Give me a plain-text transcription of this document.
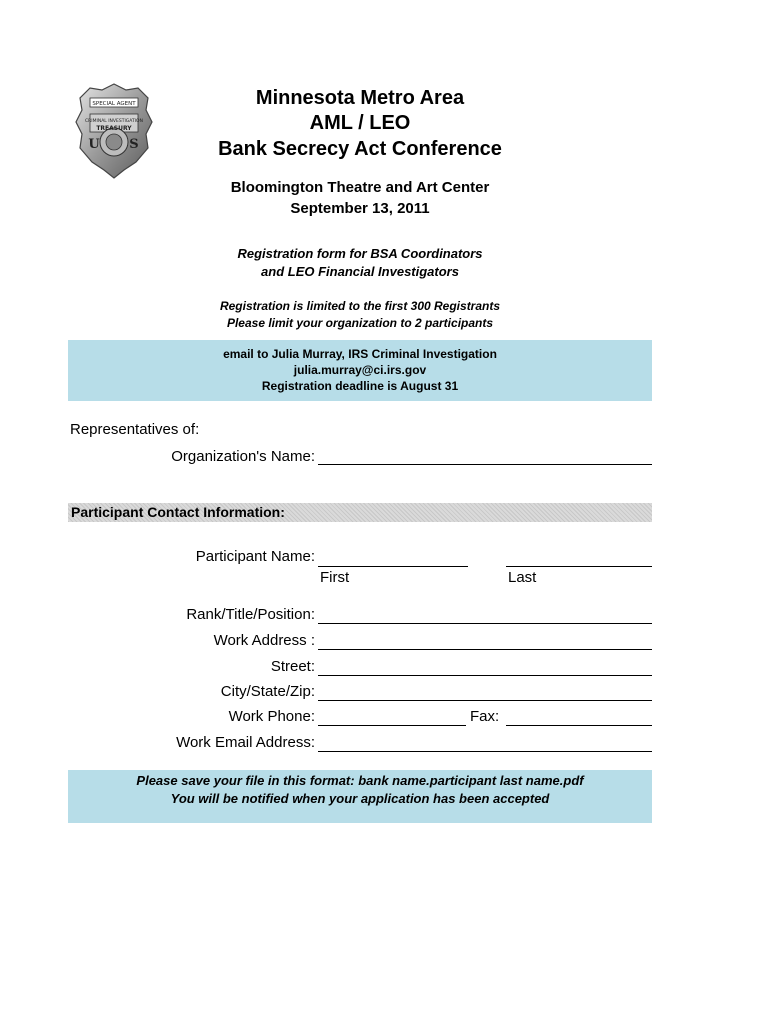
SPECIAL AGENT
CRIMINAL INVESTIGATION
TREASURY
U S
Minnesota Metro Area
AML / LEO
Bank Secrecy Act Conference
Bloomington Theatre and Art Center
September 13, 2011
Registration form for BSA Coordinators
and LEO Financial Investigators
Registration is limited to the first 300 Registrants
Please limit your organization to 2 participants
email to Julia Murray, IRS Criminal Investigation
julia.murray@ci.irs.gov
Registration deadline is August 31
Representatives of:
Organization's Name:
Participant Contact Information:
Participant Name:
First	Last
Rank/Title/Position:
Work Address :
Street:
City/State/Zip:
Work Phone:	Fax:
Work Email Address:
Please save your file in this format: bank name.participant last name.pdf
You will be notified when your application has been accepted
